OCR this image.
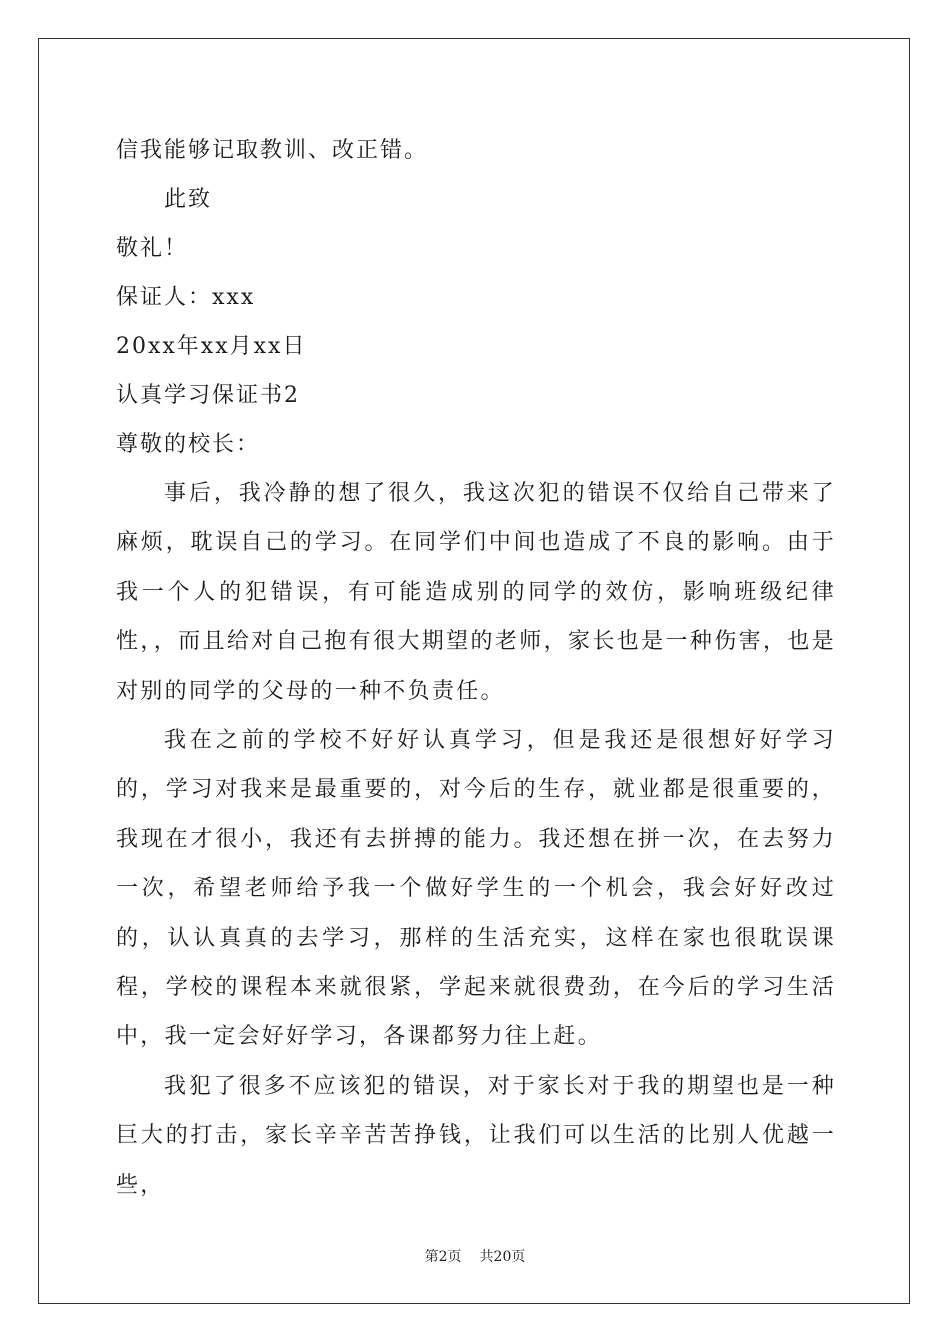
信我能够记取教训、改正错。
此致
敬礼！
保证人：xxx
20xx年xx月xx日
认真学习保证书2
尊敬的校长：

事后，我冷静的想了很久，我这次犯的错误不仅给自己带来了麻烦，耽误自己的学习。在同学们中间也造成了不良的影响。由于我一个人的犯错误，有可能造成别的同学的效仿，影响班级纪律性，，而且给对自己抱有很大期望的老师，家长也是一种伤害，也是对别的同学的父母的一种不负责任。

我在之前的学校不好好认真学习，但是我还是很想好好学习的，学习对我来是最重要的，对今后的生存，就业都是很重要的，我现在才很小，我还有去拼搏的能力。我还想在拼一次，在去努力一次，希望老师给予我一个做好学生的一个机会，我会好好改过的，认认真真的去学习，那样的生活充实，这样在家也很耽误课程，学校的课程本来就很紧，学起来就很费劲，在今后的学习生活中，我一定会好好学习，各课都努力往上赶。

我犯了很多不应该犯的错误，对于家长对于我的期望也是一种巨大的打击，家长辛辛苦苦挣钱，让我们可以生活的比别人优越一些，

第2页 共20页
